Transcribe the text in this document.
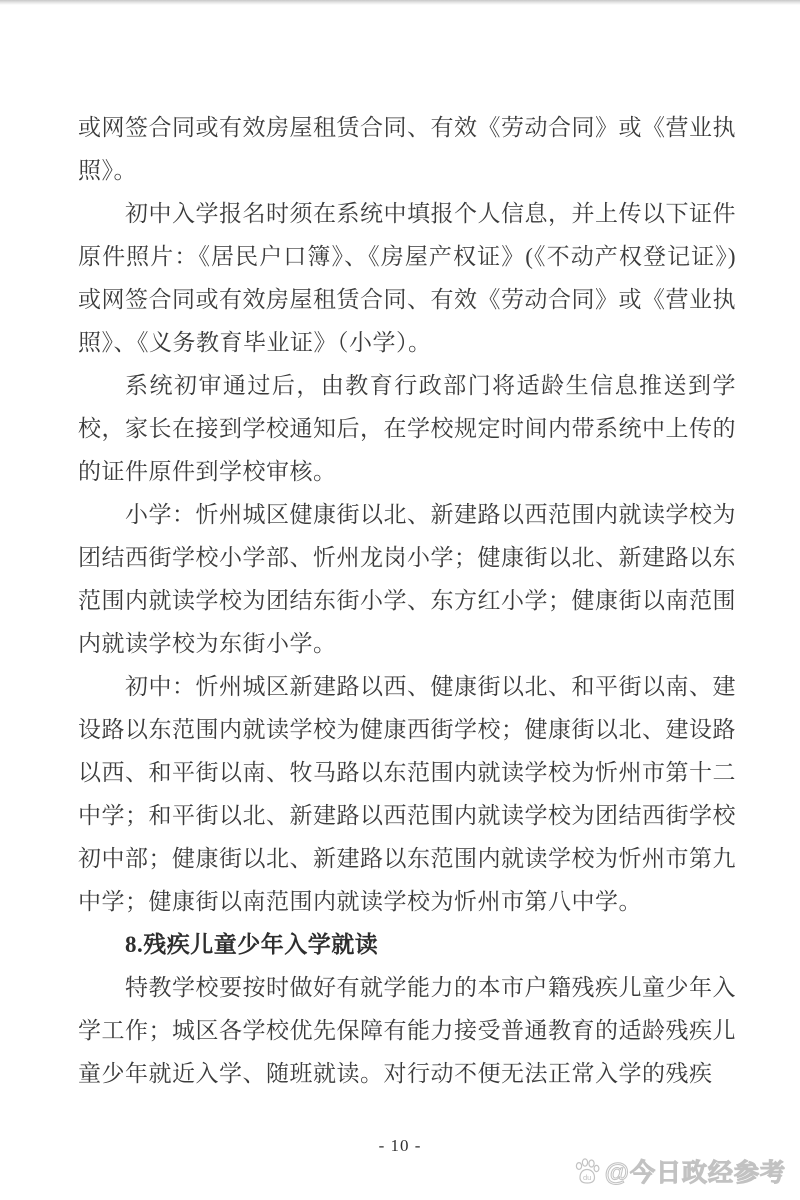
或网签合同或有效房屋租赁合同、有效《劳动合同》或《营业执照》。

初中入学报名时须在系统中填报个人信息，并上传以下证件原件照片：《居民户口簿》、《房屋产权证》(《不动产权登记证》)或网签合同或有效房屋租赁合同、有效《劳动合同》或《营业执照》、《义务教育毕业证》（小学）。

系统初审通过后，由教育行政部门将适龄生信息推送到学校，家长在接到学校通知后，在学校规定时间内带系统中上传的的证件原件到学校审核。

小学：忻州城区健康街以北、新建路以西范围内就读学校为团结西街学校小学部、忻州龙岗小学；健康街以北、新建路以东范围内就读学校为团结东街小学、东方红小学；健康街以南范围内就读学校为东街小学。

初中：忻州城区新建路以西、健康街以北、和平街以南、建设路以东范围内就读学校为健康西街学校；健康街以北、建设路以西、和平街以南、牧马路以东范围内就读学校为忻州市第十二中学；和平街以北、新建路以西范围内就读学校为团结西街学校初中部；健康街以北、新建路以东范围内就读学校为忻州市第九中学；健康街以南范围内就读学校为忻州市第八中学。

8.残疾儿童少年入学就读

特教学校要按时做好有就学能力的本市户籍残疾儿童少年入学工作；城区各学校优先保障有能力接受普通教育的适龄残疾儿童少年就近入学、随班就读。对行动不便无法正常入学的残疾

- 10 -
du @今日政经参考
